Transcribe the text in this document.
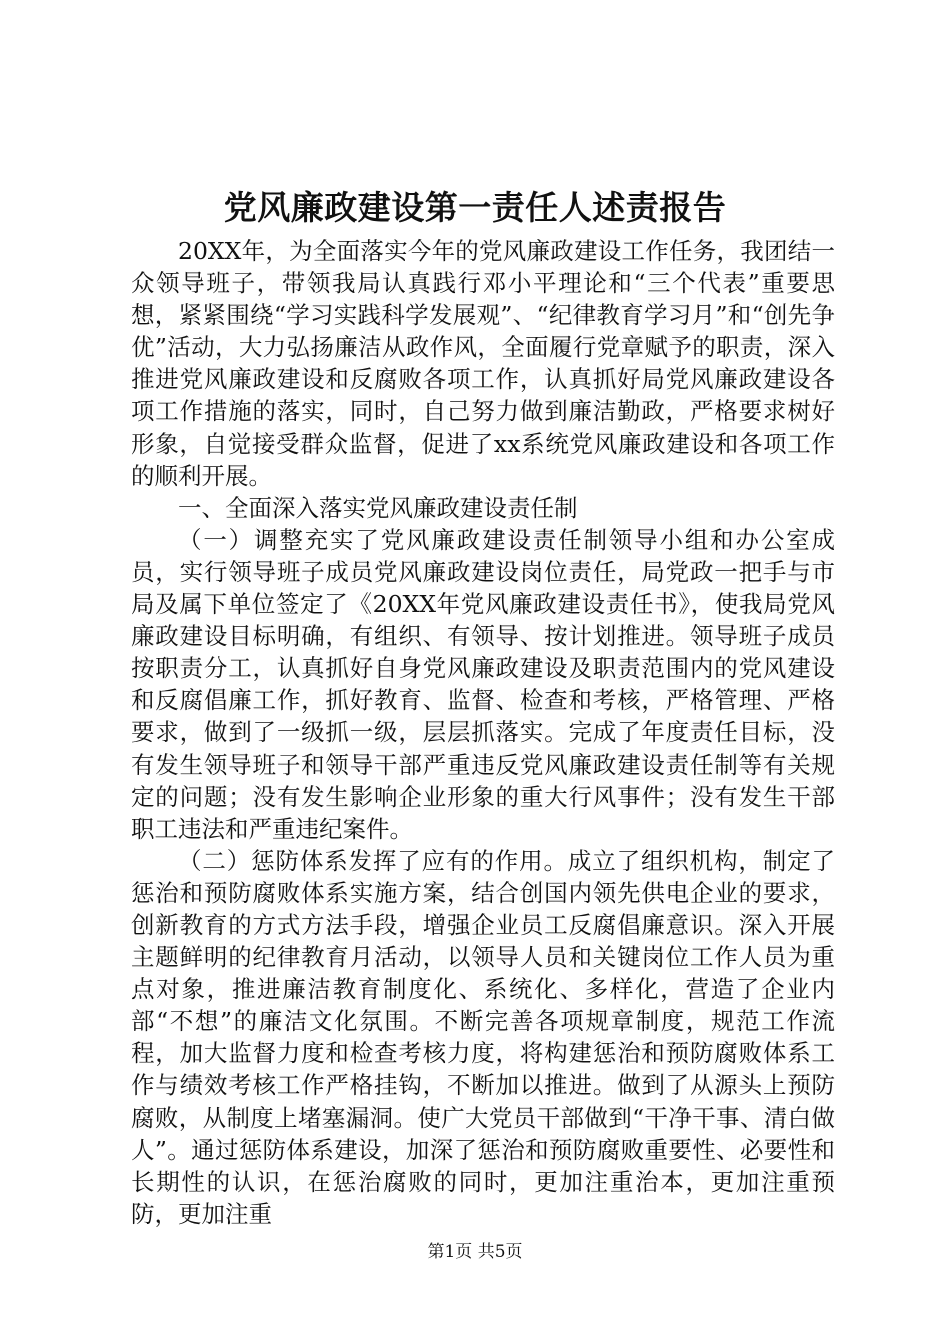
党风廉政建设第一责任人述责报告

20XX年，为全面落实今年的党风廉政建设工作任务，我团结一众领导班子，带领我局认真践行邓小平理论和“三个代表”重要思想，紧紧围绕“学习实践科学发展观”、“纪律教育学习月”和“创先争优”活动，大力弘扬廉洁从政作风，全面履行党章赋予的职责，深入推进党风廉政建设和反腐败各项工作，认真抓好局党风廉政建设各项工作措施的落实，同时，自己努力做到廉洁勤政，严格要求树好形象，自觉接受群众监督，促进了xx系统党风廉政建设和各项工作的顺利开展。

一、全面深入落实党风廉政建设责任制

（一）调整充实了党风廉政建设责任制领导小组和办公室成员，实行领导班子成员党风廉政建设岗位责任，局党政一把手与市局及属下单位签定了《20XX年党风廉政建设责任书》，使我局党风廉政建设目标明确，有组织、有领导、按计划推进。领导班子成员按职责分工，认真抓好自身党风廉政建设及职责范围内的党风建设和反腐倡廉工作，抓好教育、监督、检查和考核，严格管理、严格要求，做到了一级抓一级，层层抓落实。完成了年度责任目标，没有发生领导班子和领导干部严重违反党风廉政建设责任制等有关规定的问题；没有发生影响企业形象的重大行风事件；没有发生干部职工违法和严重违纪案件。

（二）惩防体系发挥了应有的作用。成立了组织机构，制定了惩治和预防腐败体系实施方案，结合创国内领先供电企业的要求，创新教育的方式方法手段，增强企业员工反腐倡廉意识。深入开展主题鲜明的纪律教育月活动，以领导人员和关键岗位工作人员为重点对象，推进廉洁教育制度化、系统化、多样化，营造了企业内部“不想”的廉洁文化氛围。不断完善各项规章制度，规范工作流程，加大监督力度和检查考核力度，将构建惩治和预防腐败体系工作与绩效考核工作严格挂钩，不断加以推进。做到了从源头上预防腐败，从制度上堵塞漏洞。使广大党员干部做到“干净干事、清白做人”。通过惩防体系建设，加深了惩治和预防腐败重要性、必要性和长期性的认识，在惩治腐败的同时，更加注重治本，更加注重预防，更加注重

第1页 共5页
